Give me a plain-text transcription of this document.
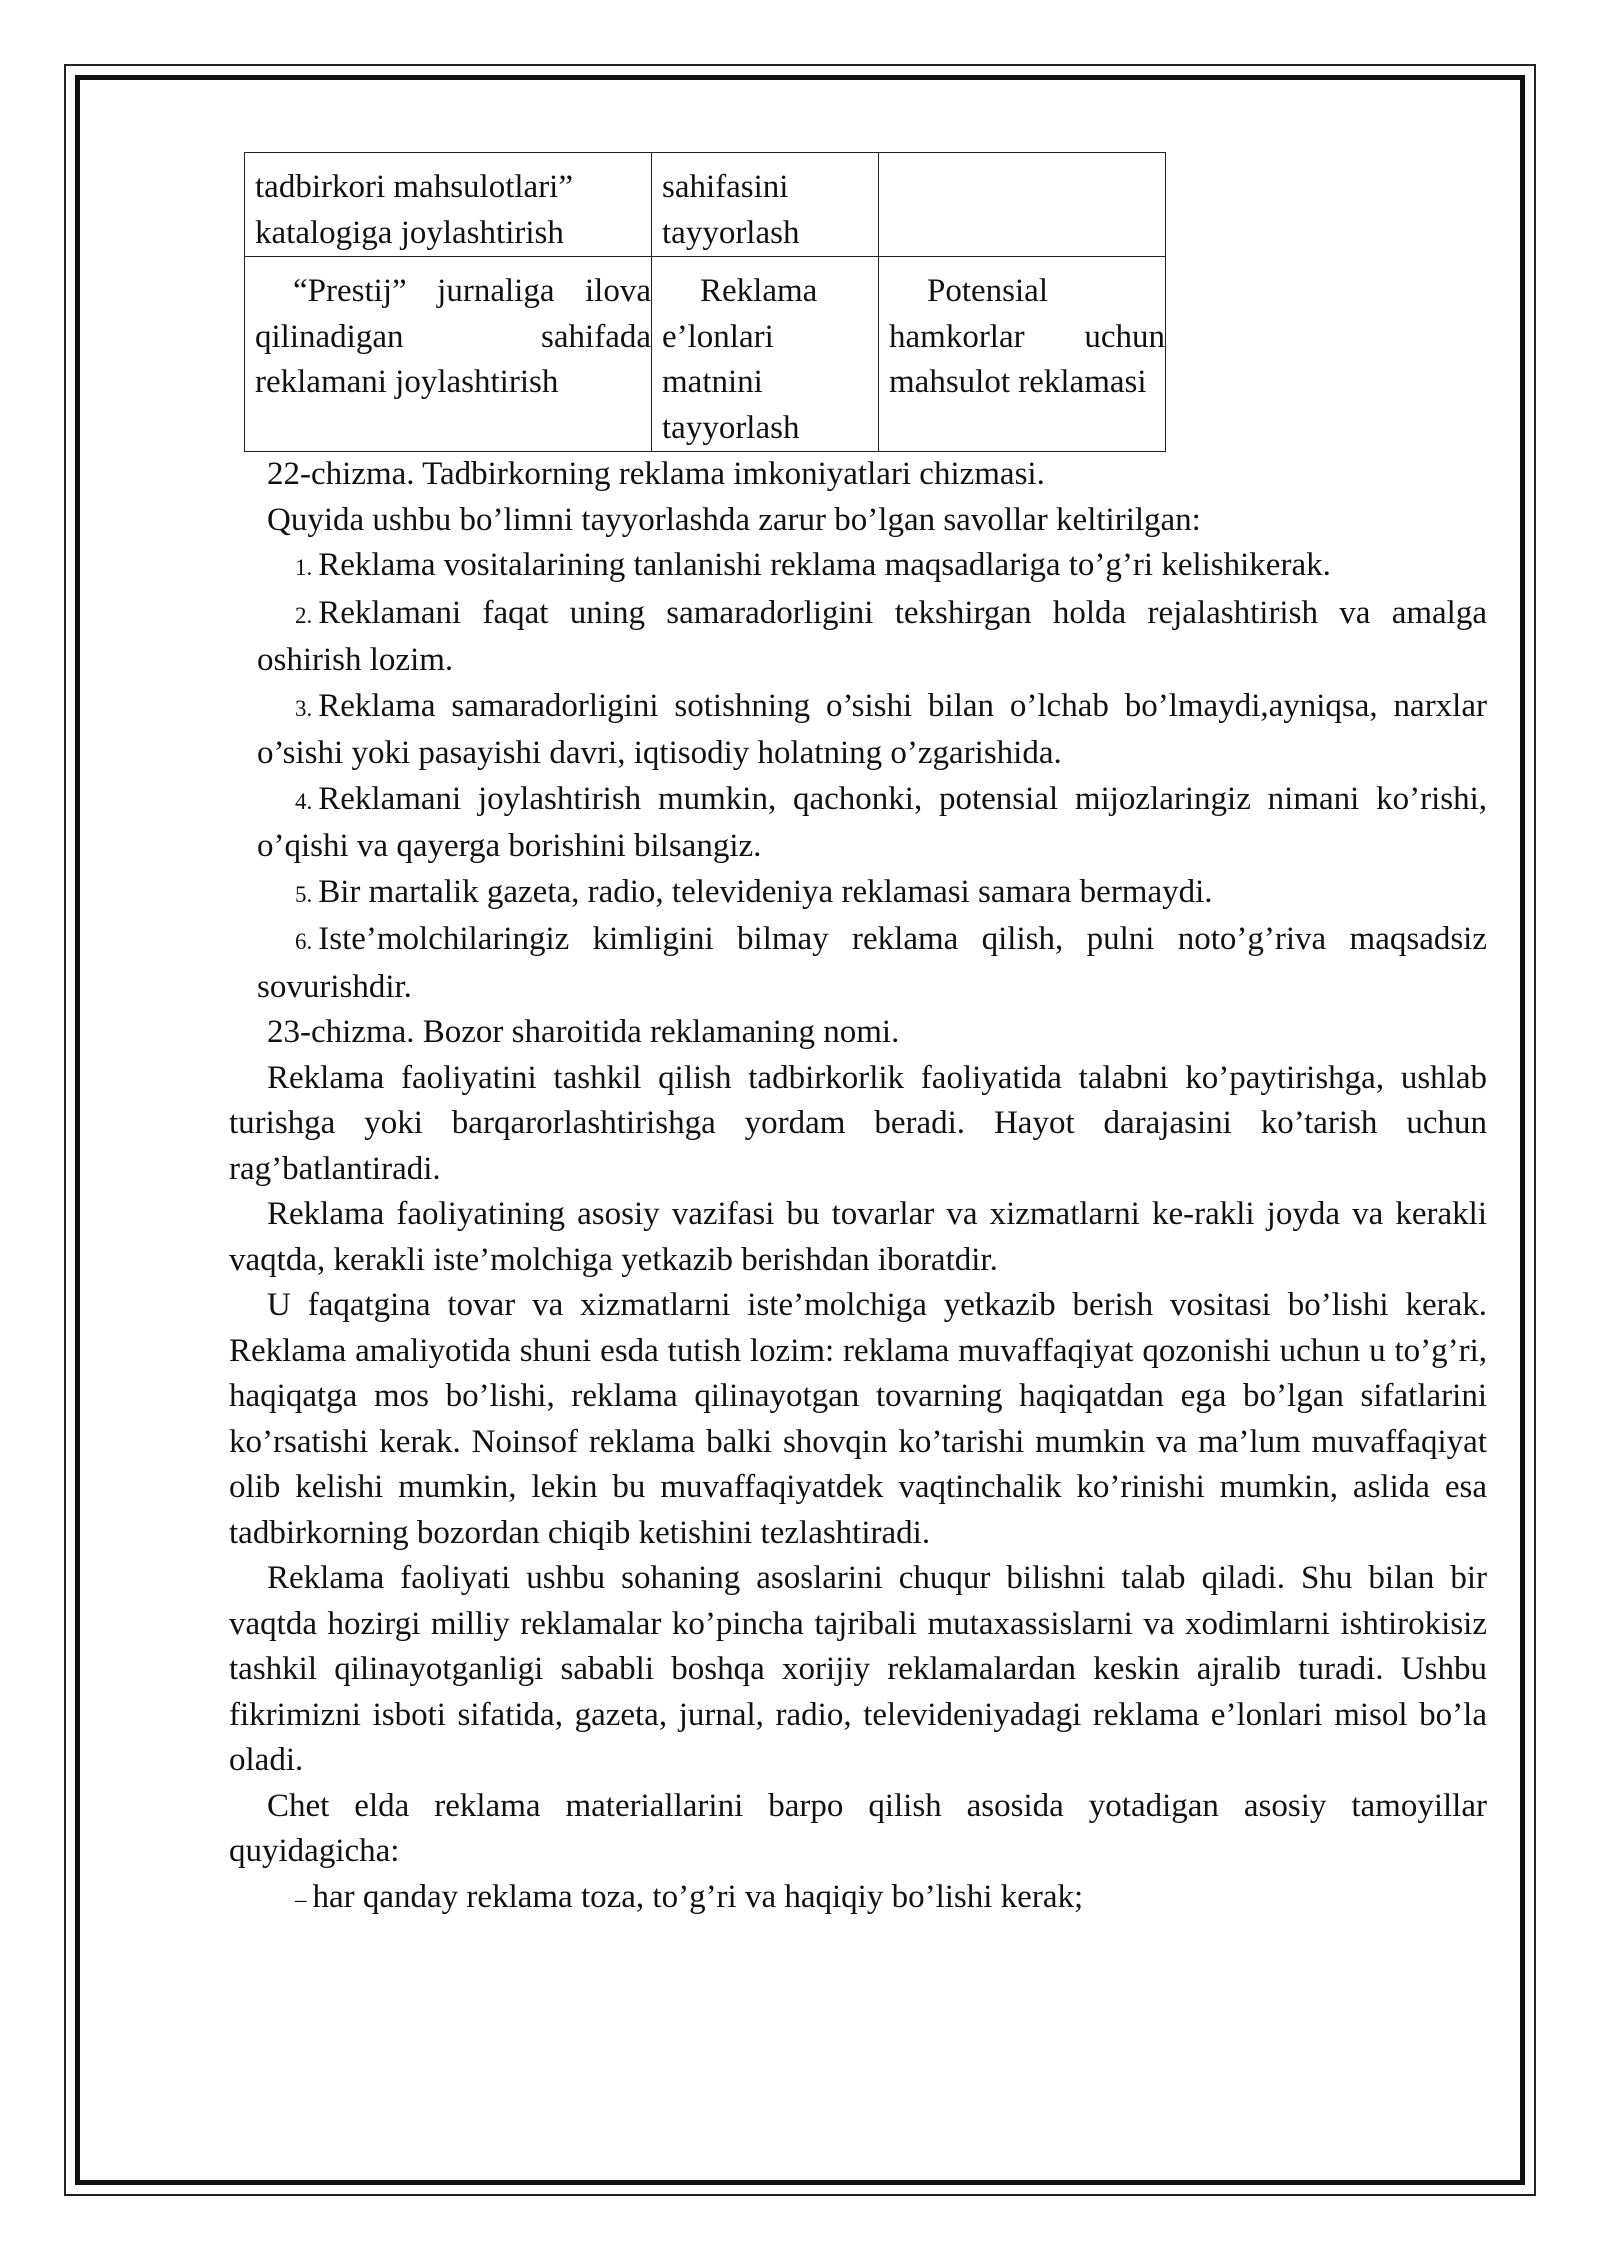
tadbirkori mahsulotlari” katalogiga joylashtirish	sahifasini tayyorlash	
“Prestij” jurnaliga ilova qilinadigan sahifada reklamani joylashtirish	Reklama e’lonlari matnini tayyorlash	Potensial hamkorlar uchun mahsulot reklamasi

22-chizma. Tadbirkorning reklama imkoniyatlari chizmasi.

Quyida ushbu bo’limni tayyorlashda zarur bo’lgan savollar keltirilgan:

1. Reklama vositalarining tanlanishi reklama maqsadlariga to’g’ri kelishikerak.

2. Reklamani faqat uning samaradorligini tekshirgan holda rejalashtirish va amalga oshirish lozim.

3. Reklama samaradorligini sotishning o’sishi bilan o’lchab bo’lmaydi,ayniqsa, narxlar o’sishi yoki pasayishi davri, iqtisodiy holatning o’zgarishida.

4. Reklamani joylashtirish mumkin, qachonki, potensial mijozlaringiz nimani ko’rishi, o’qishi va qayerga borishini bilsangiz.

5. Bir martalik gazeta, radio, televideniya reklamasi samara bermaydi.

6. Iste’molchilaringiz kimligini bilmay reklama qilish, pulni noto’g’riva maqsadsiz sovurishdir.

23-chizma. Bozor sharoitida reklamaning nomi.

Reklama faoliyatini tashkil qilish tadbirkorlik faoliyatida talabni ko’paytirishga, ushlab turishga yoki barqarorlashtirishga yordam beradi. Hayot darajasini ko’tarish uchun rag’batlantiradi.

Reklama faoliyatining asosiy vazifasi bu tovarlar va xizmatlarni ke-rakli joyda va kerakli vaqtda, kerakli iste’molchiga yetkazib berishdan iboratdir.

U faqatgina tovar va xizmatlarni iste’molchiga yetkazib berish vositasi bo’lishi kerak. Reklama amaliyotida shuni esda tutish lozim: reklama muvaffaqiyat qozonishi uchun u to’g’ri, haqiqatga mos bo’lishi, reklama qilinayotgan tovarning haqiqatdan ega bo’lgan sifatlarini ko’rsatishi kerak. Noinsof reklama balki shovqin ko’tarishi mumkin va ma’lum muvaffaqiyat olib kelishi mumkin, lekin bu muvaffaqiyatdek vaqtinchalik ko’rinishi mumkin, aslida esa tadbirkorning bozordan chiqib ketishini tezlashtiradi.

Reklama faoliyati ushbu sohaning asoslarini chuqur bilishni talab qiladi. Shu bilan bir vaqtda hozirgi milliy reklamalar ko’pincha tajribali mutaxassislarni va xodimlarni ishtirokisiz tashkil qilinayotganligi sababli boshqa xorijiy reklamalardan keskin ajralib turadi. Ushbu fikrimizni isboti sifatida, gazeta, jurnal, radio, televideniyadagi reklama e’lonlari misol bo’la oladi.

Chet elda reklama materiallarini barpo qilish asosida yotadigan asosiy tamoyillar quyidagicha:

– har qanday reklama toza, to’g’ri va haqiqiy bo’lishi kerak;
